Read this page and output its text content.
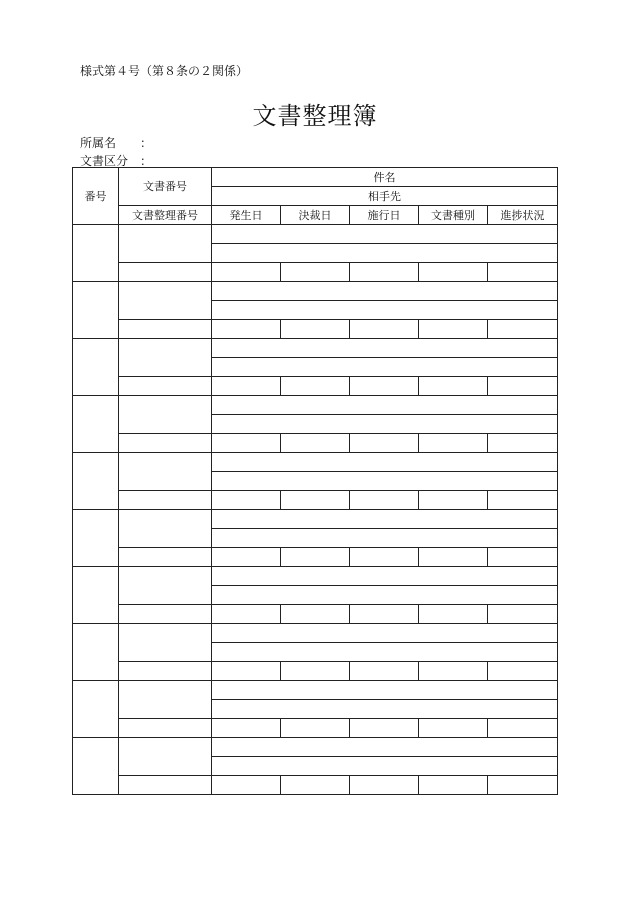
様式第４号（第８条の２関係）
文書整理簿
所属名 ：
文書区分 ：
番号	文書番号	件名				
		相手先				
	文書整理番号	発生日	決裁日	施行日	文書種別	進捗状況
